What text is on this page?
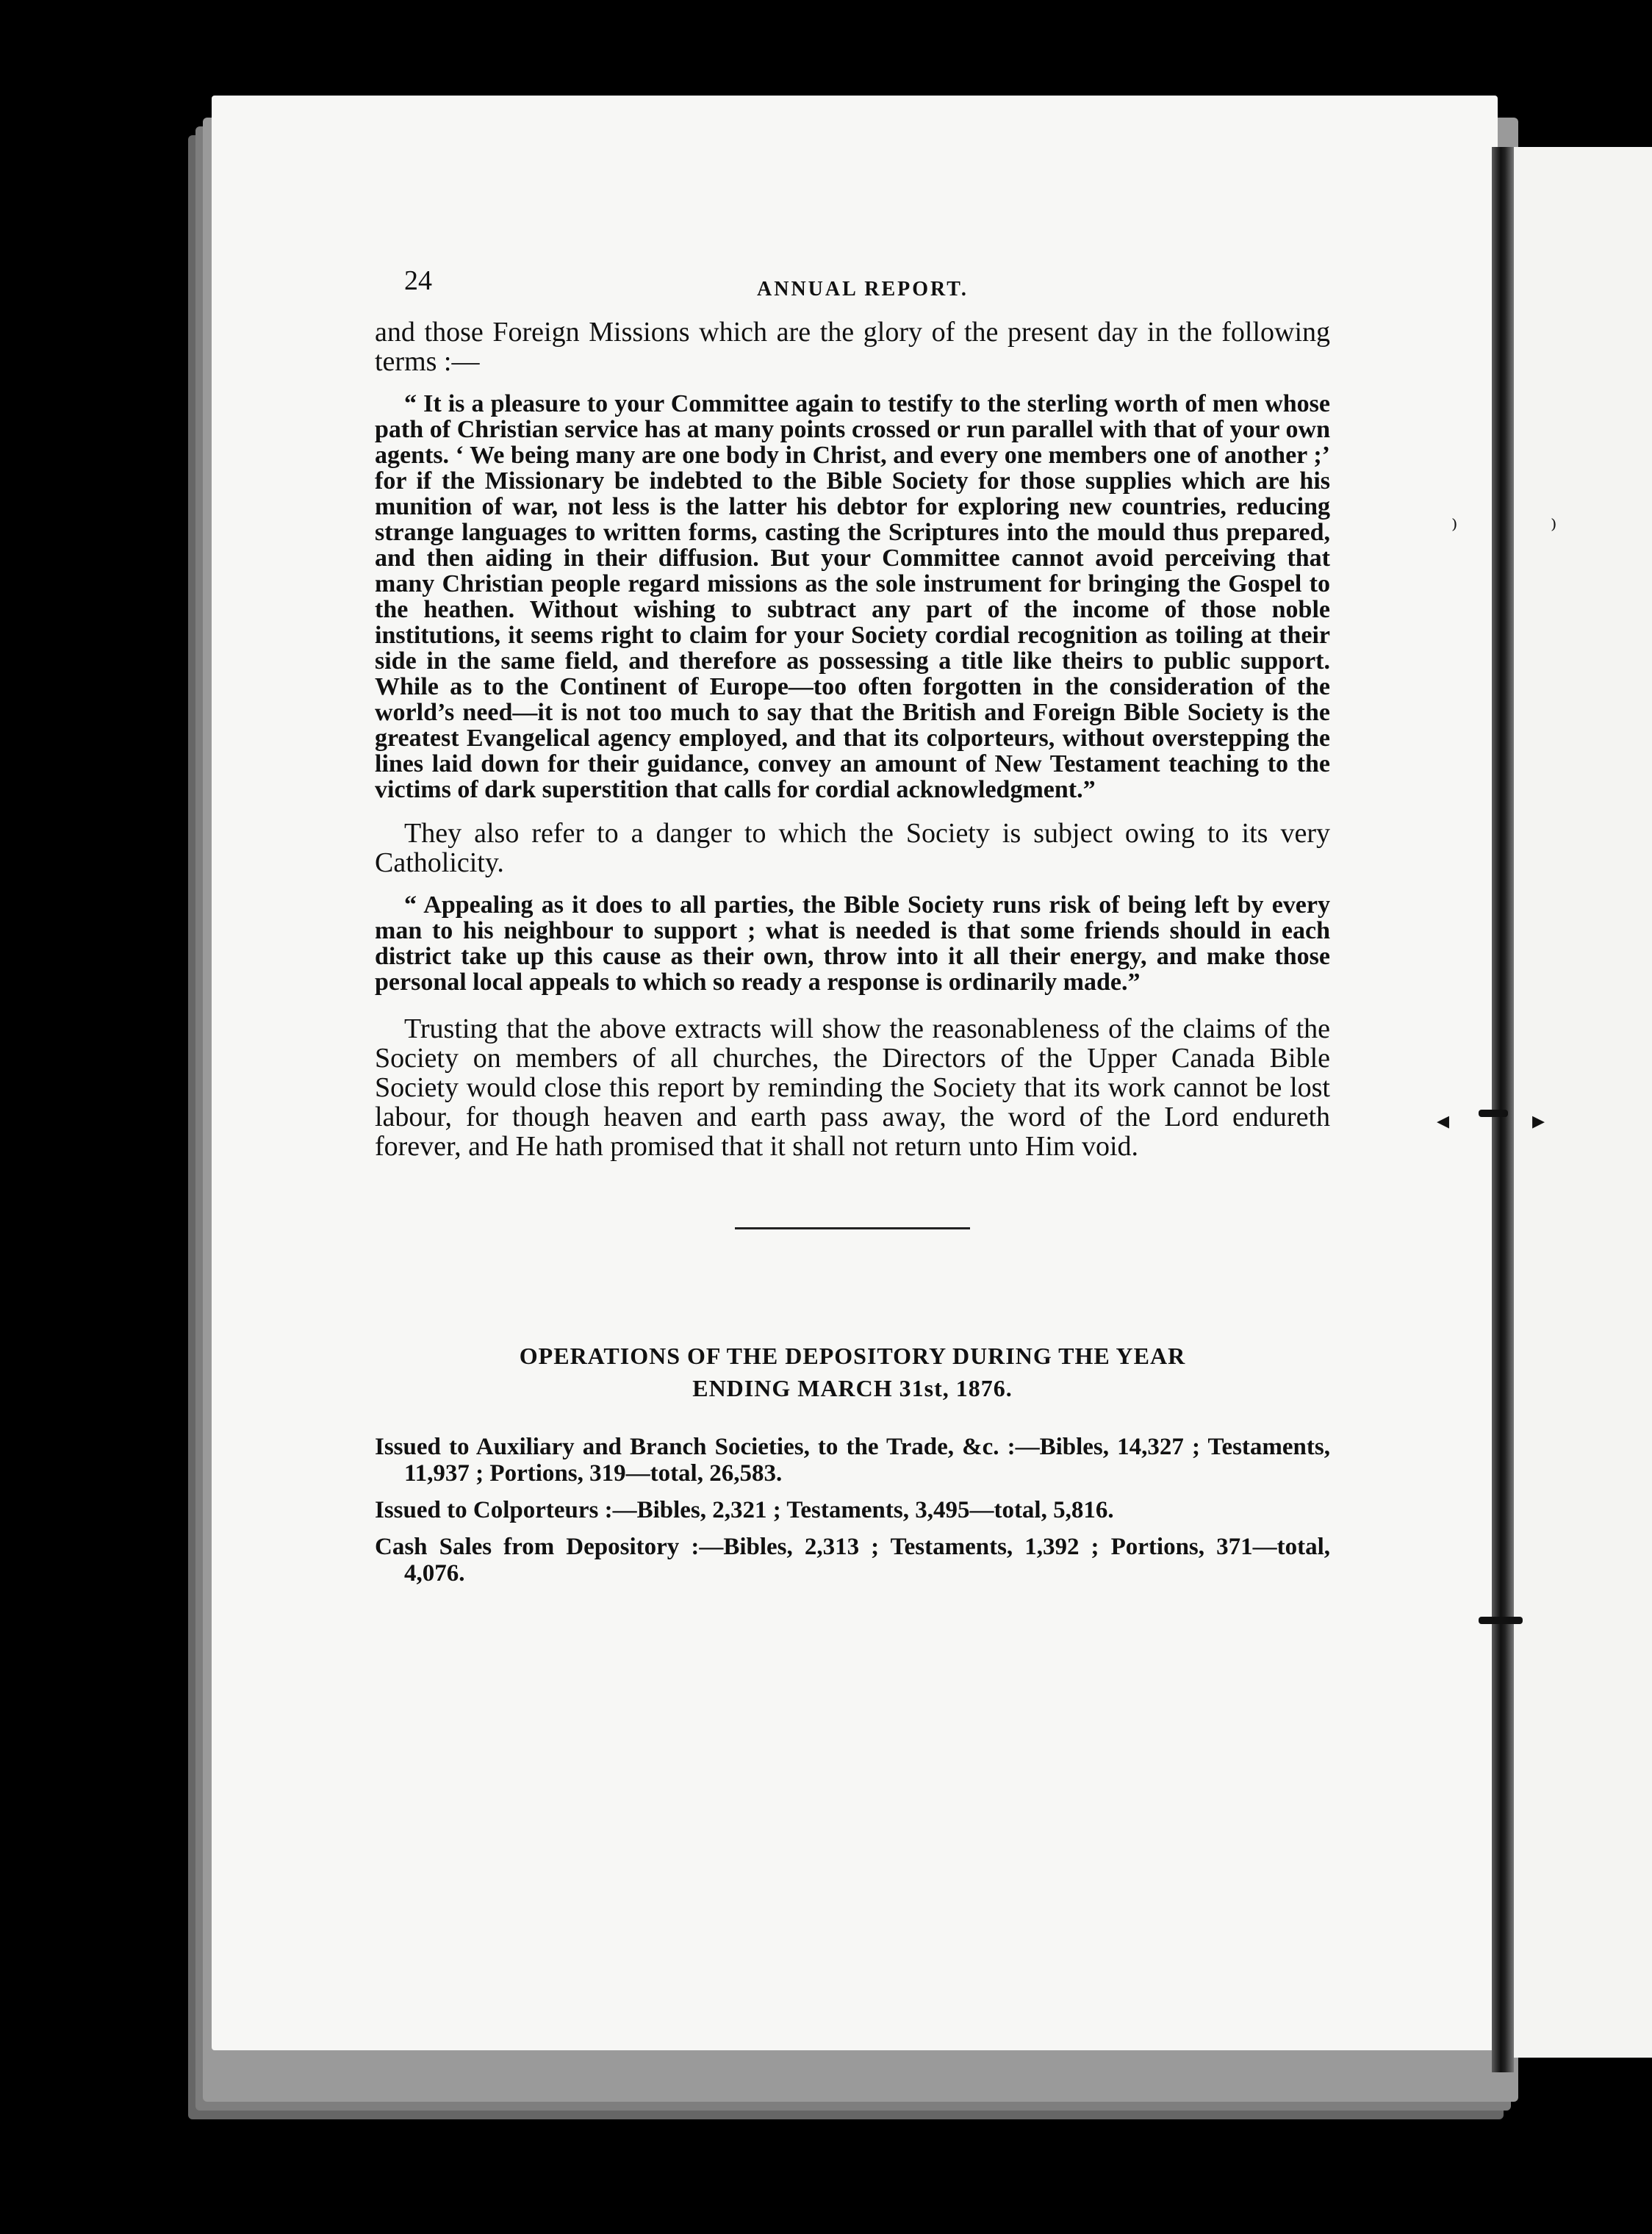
⁾	⁾
◂	▸
24	ANNUAL REPORT.

and those Foreign Missions which are the glory of the present day in the following terms :—

“ It is a pleasure to your Committee again to testify to the sterling worth of men whose path of Christian service has at many points crossed or run parallel with that of your own agents. ‘ We being many are one body in Christ, and every one members one of another ;’ for if the Missionary be indebted to the Bible Society for those supplies which are his munition of war, not less is the latter his debtor for exploring new countries, reducing strange languages to written forms, casting the Scriptures into the mould thus prepared, and then aiding in their diffusion. But your Committee cannot avoid perceiving that many Christian people regard missions as the sole instrument for bringing the Gospel to the heathen. Without wishing to subtract any part of the income of those noble institutions, it seems right to claim for your Society cordial recognition as toiling at their side in the same field, and therefore as possessing a title like theirs to public support. While as to the Continent of Europe—too often forgotten in the consideration of the world’s need—it is not too much to say that the British and Foreign Bible Society is the greatest Evangelical agency employed, and that its colporteurs, without overstepping the lines laid down for their guidance, convey an amount of New Testament teaching to the victims of dark superstition that calls for cordial acknowledgment.”

They also refer to a danger to which the Society is subject owing to its very Catholicity.

“ Appealing as it does to all parties, the Bible Society runs risk of being left by every man to his neighbour to support ; what is needed is that some friends should in each district take up this cause as their own, throw into it all their energy, and make those personal local appeals to which so ready a response is ordinarily made.”

Trusting that the above extracts will show the reasonableness of the claims of the Society on members of all churches, the Directors of the Upper Canada Bible Society would close this report by reminding the Society that its work cannot be lost labour, for though heaven and earth pass away, the word of the Lord endureth forever, and He hath promised that it shall not return unto Him void.

OPERATIONS OF THE DEPOSITORY DURING THE YEAR
ENDING MARCH 31st, 1876.

Issued to Auxiliary and Branch Societies, to the Trade, &c. :—Bibles, 14,327 ; Testaments, 11,937 ; Portions, 319—total, 26,583.

Issued to Colporteurs :—Bibles, 2,321 ; Testaments, 3,495—total, 5,816.

Cash Sales from Depository :—Bibles, 2,313 ; Testaments, 1,392 ; Portions, 371—total, 4,076.
